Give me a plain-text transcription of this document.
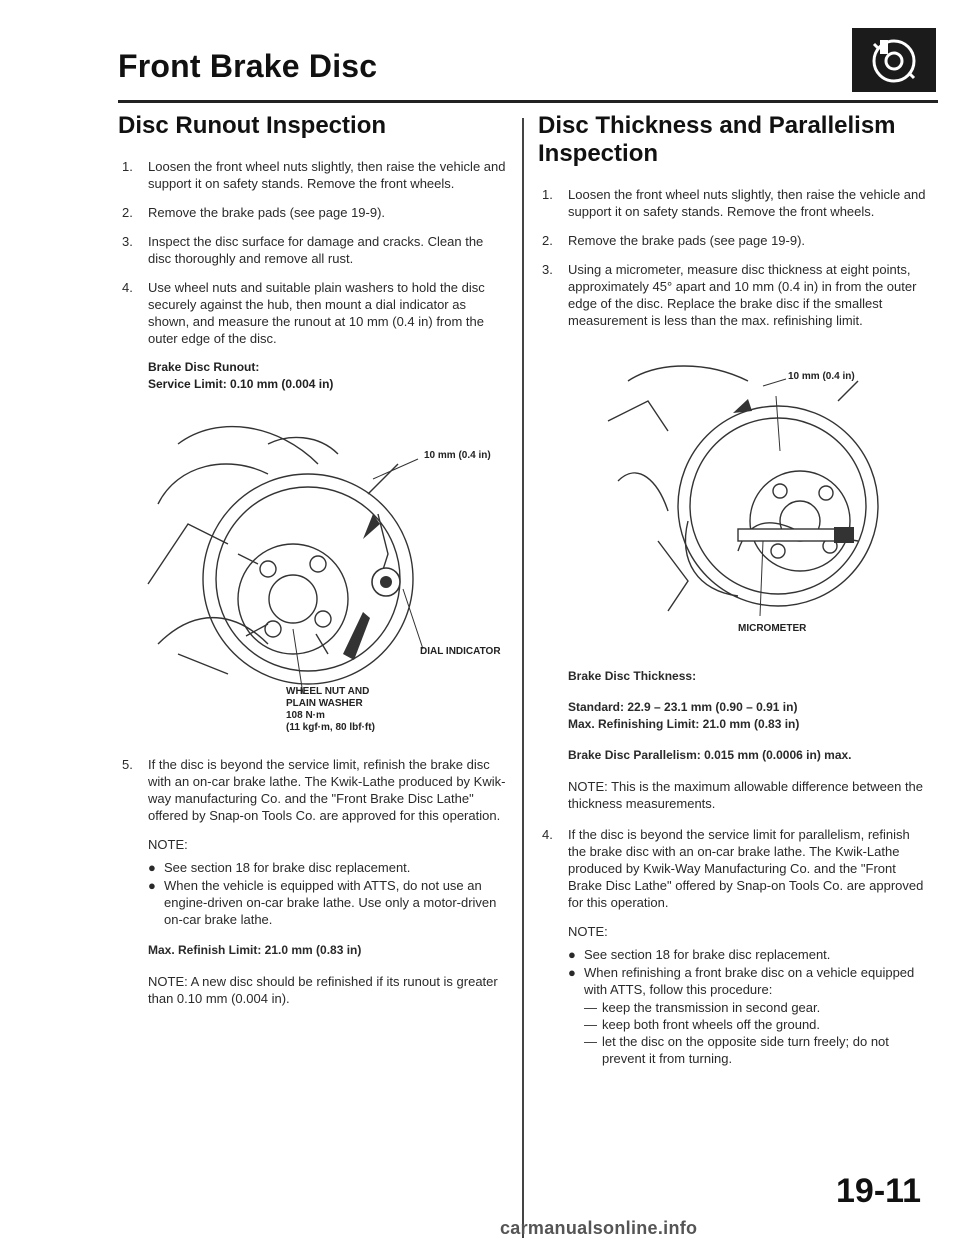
Front Brake Disc
Disc Runout Inspection
1.	Loosen the front wheel nuts slightly, then raise the vehicle and support it on safety stands. Remove the front wheels.
2.	Remove the brake pads (see page 19-9).
3.	Inspect the disc surface for damage and cracks. Clean the disc thoroughly and remove all rust.
4.	Use wheel nuts and suitable plain washers to hold the disc securely against the hub, then mount a dial indicator as shown, and measure the runout at 10 mm (0.4 in) from the outer edge of the disc.
Brake Disc Runout:
Service Limit: 0.10 mm (0.004 in)
10 mm (0.4 in)
DIAL INDICATOR
WHEEL NUT AND
PLAIN WASHER
108 N·m
(11 kgf·m, 80 lbf·ft)
5.	If the disc is beyond the service limit, refinish the brake disc with an on-car brake lathe. The Kwik-Lathe produced by Kwik-way manufacturing Co. and the "Front Brake Disc Lathe" offered by Snap-on Tools Co. are approved for this operation.
NOTE:
● See section 18 for brake disc replacement.
● When the vehicle is equipped with ATTS, do not use an engine-driven on-car brake lathe. Use only a motor-driven on-car brake lathe.
Max. Refinish Limit: 21.0 mm (0.83 in)
NOTE: A new disc should be refinished if its runout is greater than 0.10 mm (0.004 in).
Disc Thickness and Parallelism Inspection
1.	Loosen the front wheel nuts slightly, then raise the vehicle and support it on safety stands. Remove the front wheels.
2.	Remove the brake pads (see page 19-9).
3.	Using a micrometer, measure disc thickness at eight points, approximately 45° apart and 10 mm (0.4 in) in from the outer edge of the disc. Replace the brake disc if the smallest measurement is less than the max. refinishing limit.
10 mm (0.4 in)
MICROMETER
Brake Disc Thickness:
Standard: 22.9 – 23.1 mm (0.90 – 0.91 in)
Max. Refinishing Limit: 21.0 mm (0.83 in)
Brake Disc Parallelism: 0.015 mm (0.0006 in) max.
NOTE: This is the maximum allowable difference between the thickness measurements.
4.	If the disc is beyond the service limit for parallelism, refinish the brake disc with an on-car brake lathe. The Kwik-Lathe produced by Kwik-Way Manufacturing Co. and the "Front Brake Disc Lathe" offered by Snap-on Tools Co. are approved for this operation.
NOTE:
● See section 18 for brake disc replacement.
● When refinishing a front brake disc on a vehicle equipped with ATTS, follow this procedure:
— keep the transmission in second gear.
— keep both front wheels off the ground.
— let the disc on the opposite side turn freely; do not prevent it from turning.
19-11
carmanualsonline.info
